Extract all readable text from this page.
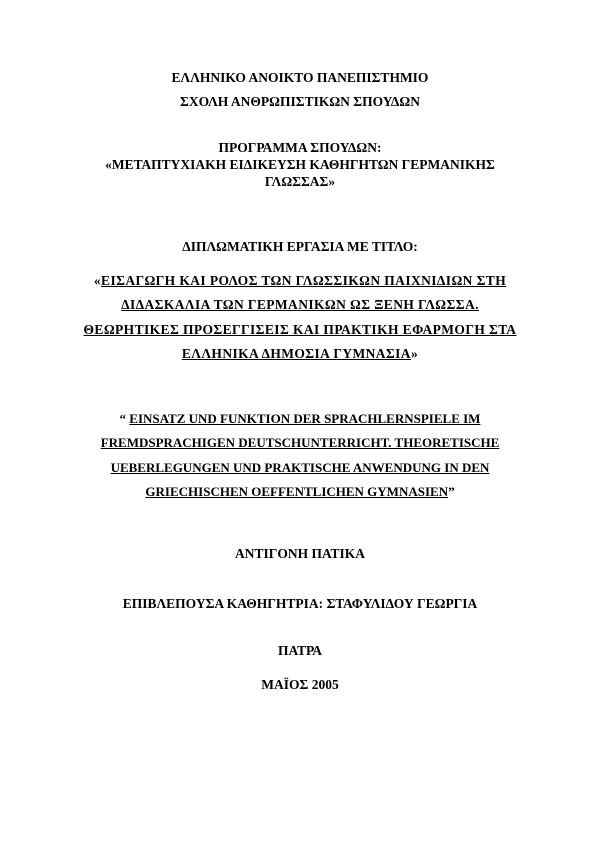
ΕΛΛΗΝΙΚΟ ΑΝΟΙΚΤΟ ΠΑΝΕΠΙΣΤΗΜΙΟ
ΣΧΟΛΗ ΑΝΘΡΩΠΙΣΤΙΚΩΝ ΣΠΟΥΔΩΝ
ΠΡΟΓΡΑΜΜΑ ΣΠΟΥΔΩΝ:
«ΜΕΤΑΠΤΥΧΙΑΚΗ ΕΙΔΙΚΕΥΣΗ ΚΑΘΗΓΗΤΩΝ ΓΕΡΜΑΝΙΚΗΣ
ΓΛΩΣΣΑΣ»
ΔΙΠΛΩΜΑΤΙΚΗ ΕΡΓΑΣΙΑ ΜΕ ΤΙΤΛΟ:
«ΕΙΣΑΓΩΓΗ ΚΑΙ ΡΟΛΟΣ ΤΩΝ ΓΛΩΣΣΙΚΩΝ ΠΑΙΧΝΙΔΙΩΝ ΣΤΗ
ΔΙΔΑΣΚΑΛΙΑ ΤΩΝ ΓΕΡΜΑΝΙΚΩΝ ΩΣ ΞΕΝΗ ΓΛΩΣΣΑ.
ΘΕΩΡΗΤΙΚΕΣ ΠΡΟΣΕΓΓΙΣΕΙΣ ΚΑΙ ΠΡΑΚΤΙΚΗ ΕΦΑΡΜΟΓΗ ΣΤΑ
ΕΛΛΗΝΙΚΑ ΔΗΜΟΣΙΑ ΓΥΜΝΑΣΙΑ»
“ EINSATZ UND FUNKTION DER SPRACHLERNSPIELE IM
FREMDSPRACHIGEN DEUTSCHUNTERRICHT. THEORETISCHE
UEBERLEGUNGEN UND PRAKTISCHE ANWENDUNG IN DEN
GRIECHISCHEN OEFFENTLICHEN GYMNASIEN”
ΑΝΤΙΓΟΝΗ ΠΑΤΙΚΑ
ΕΠΙΒΛΕΠΟΥΣΑ ΚΑΘΗΓΗΤΡΙΑ: ΣΤΑΦΥΛΙΔΟΥ ΓΕΩΡΓΙΑ
ΠΑΤΡΑ
ΜΑΪΟΣ 2005
